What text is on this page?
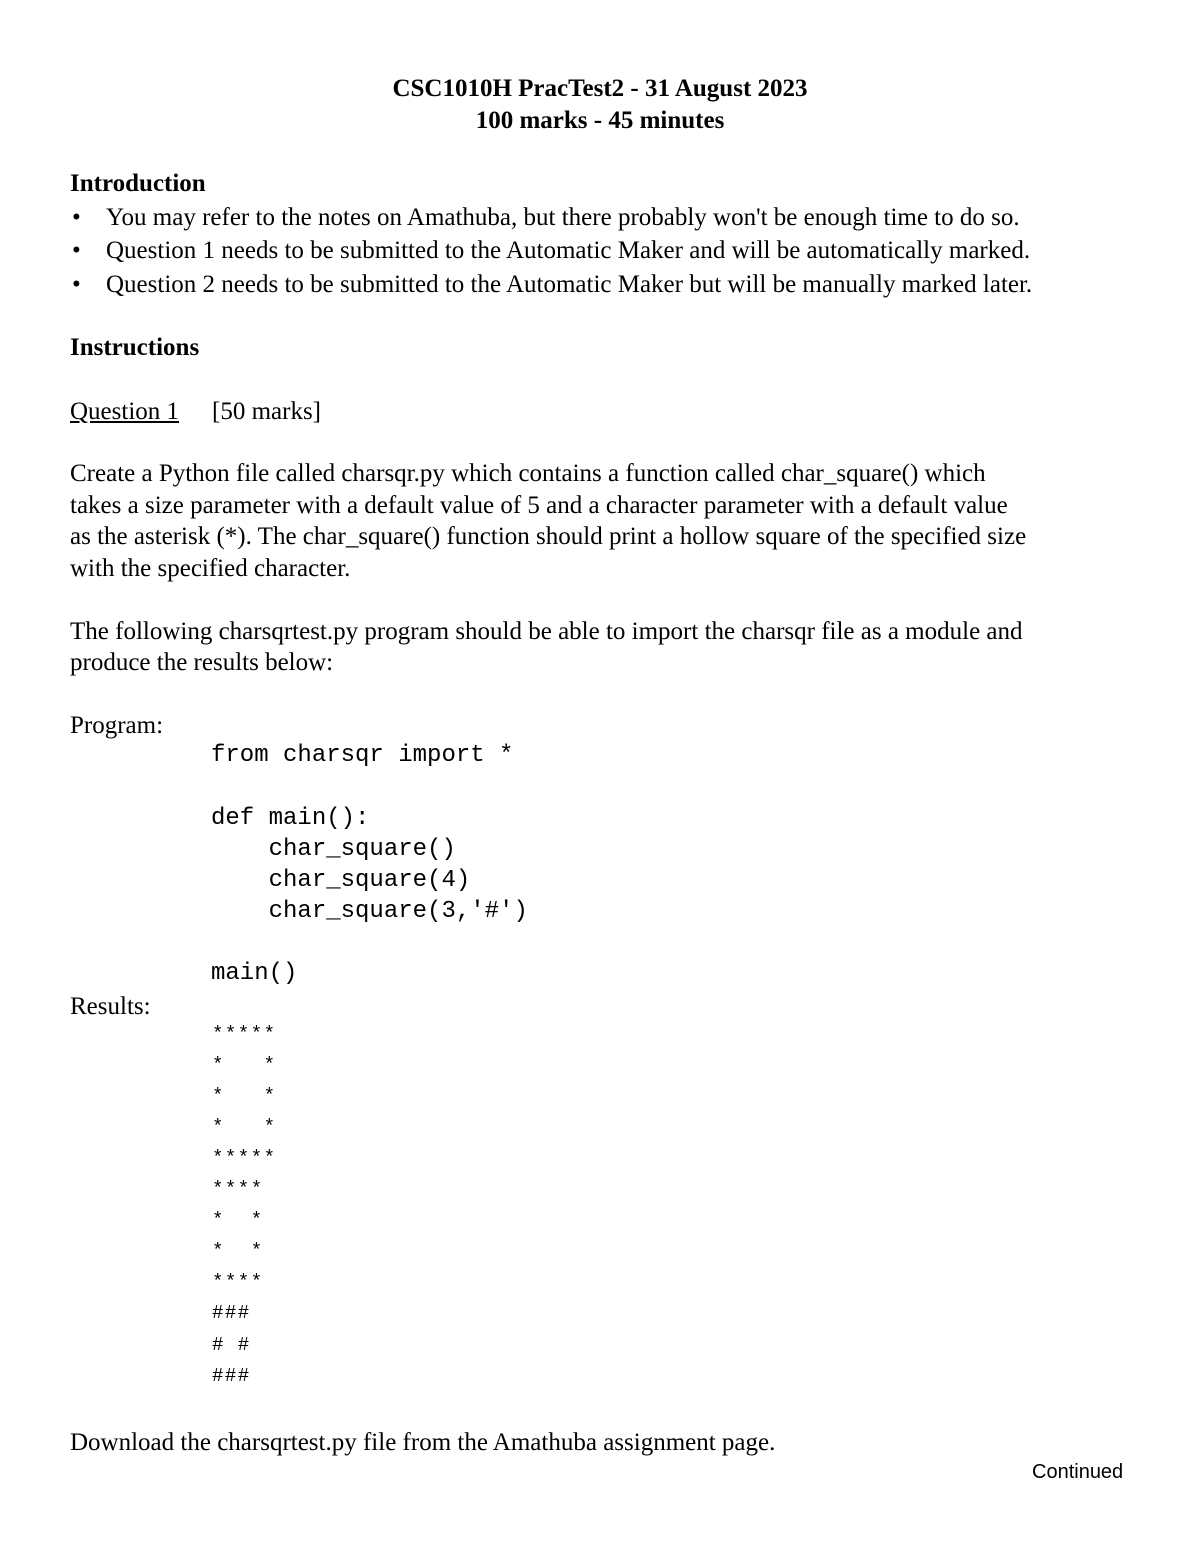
CSC1010H PracTest2 - 31 August 2023
100 marks - 45 minutes
Introduction
• You may refer to the notes on Amathuba, but there probably won't be enough time to do so.
• Question 1 needs to be submitted to the Automatic Maker and will be automatically marked.
• Question 2 needs to be submitted to the Automatic Maker but will be manually marked later.
Instructions
Question 1 [50 marks]
Create a Python file called charsqr.py which contains a function called char_square() which
takes a size parameter with a default value of 5 and a character parameter with a default value
as the asterisk (*). The char_square() function should print a hollow square of the specified size
with the specified character.
The following charsqrtest.py program should be able to import the charsqr file as a module and
produce the results below:
Program:
from charsqr import *
def main():
char_square()
char_square(4)
char_square(3,'#')
main()
Results:
*****
*   *
*   *
*   *
*****
****
*  *
*  *
****
###
# #
###
Download the charsqrtest.py file from the Amathuba assignment page.
Continued
